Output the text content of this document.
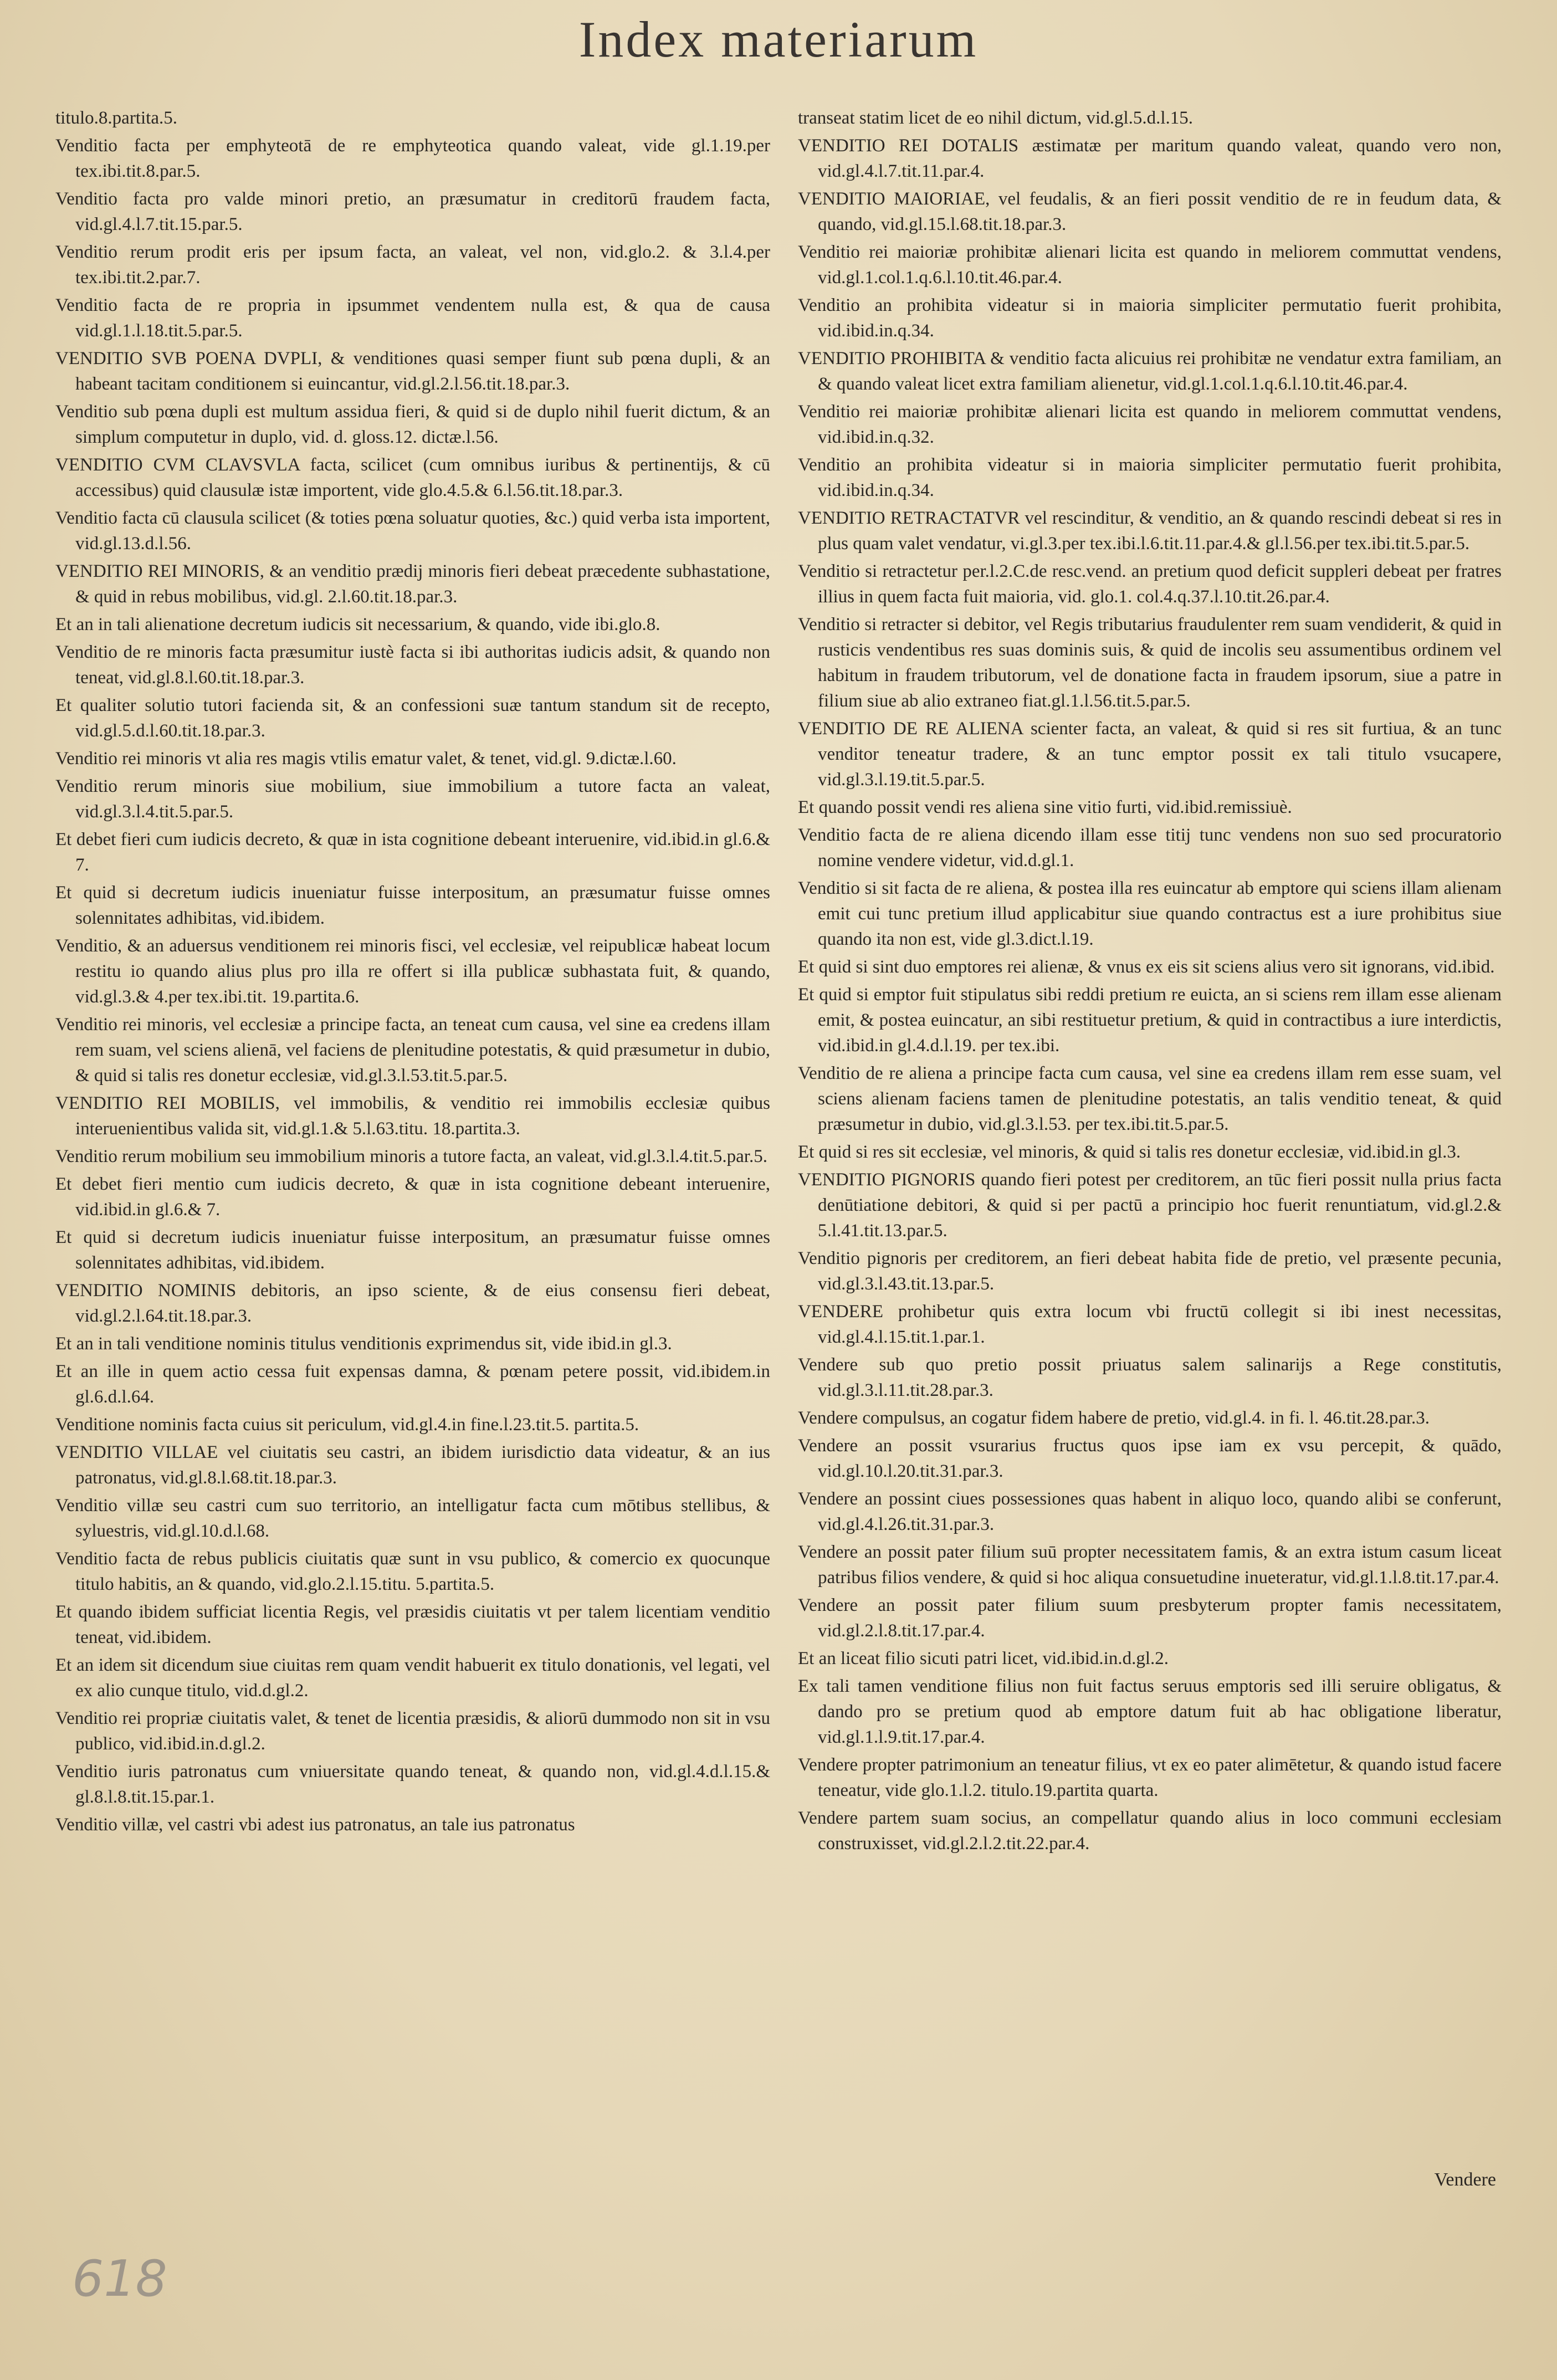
Index materiarum

titulo.8.partita.5.

Venditio facta per emphyteotā de re emphyteotica quando valeat, vide gl.1.19.per tex.ibi.tit.8.par.5.

Venditio facta pro valde minori pretio, an præsumatur in creditorū fraudem facta, vid.gl.4.l.7.tit.15.par.5.

Venditio rerum prodit eris per ipsum facta, an valeat, vel non, vid.glo.2. & 3.l.4.per tex.ibi.tit.2.par.7.

Venditio facta de re propria in ipsummet vendentem nulla est, & qua de causa vid.gl.1.l.18.tit.5.par.5.

VENDITIO SVB POENA DVPLI, & venditiones quasi semper fiunt sub pœna dupli, & an habeant tacitam conditionem si euincantur, vid.gl.2.l.56.tit.18.par.3.

Venditio sub pœna dupli est multum assidua fieri, & quid si de duplo nihil fuerit dictum, & an simplum computetur in duplo, vid. d. gloss.12. dictæ.l.56.

VENDITIO CVM CLAVSVLA facta, scilicet (cum omnibus iuribus & pertinentijs, & cū accessibus) quid clausulæ istæ importent, vide glo.4.5.& 6.l.56.tit.18.par.3.

Venditio facta cū clausula scilicet (& toties pœna soluatur quoties, &c.) quid verba ista importent, vid.gl.13.d.l.56.

VENDITIO REI MINORIS, & an venditio prædij minoris fieri debeat præcedente subhastatione, & quid in rebus mobilibus, vid.gl. 2.l.60.tit.18.par.3.

Et an in tali alienatione decretum iudicis sit necessarium, & quando, vide ibi.glo.8.

Venditio de re minoris facta præsumitur iustè facta si ibi authoritas iudicis adsit, & quando non teneat, vid.gl.8.l.60.tit.18.par.3.

Et qualiter solutio tutori facienda sit, & an confessioni suæ tantum standum sit de recepto, vid.gl.5.d.l.60.tit.18.par.3.

Venditio rei minoris vt alia res magis vtilis ematur valet, & tenet, vid.gl. 9.dictæ.l.60.

Venditio rerum minoris siue mobilium, siue immobilium a tutore facta an valeat, vid.gl.3.l.4.tit.5.par.5.

Et debet fieri cum iudicis decreto, & quæ in ista cognitione debeant interuenire, vid.ibid.in gl.6.& 7.

Et quid si decretum iudicis inueniatur fuisse interpositum, an præsumatur fuisse omnes solennitates adhibitas, vid.ibidem.

Venditio, & an aduersus venditionem rei minoris fisci, vel ecclesiæ, vel reipublicæ habeat locum restitu io quando alius plus pro illa re offert si illa publicæ subhastata fuit, & quando, vid.gl.3.& 4.per tex.ibi.tit. 19.partita.6.

Venditio rei minoris, vel ecclesiæ a principe facta, an teneat cum causa, vel sine ea credens illam rem suam, vel sciens alienā, vel faciens de plenitudine potestatis, & quid præsumetur in dubio, & quid si talis res donetur ecclesiæ, vid.gl.3.l.53.tit.5.par.5.

VENDITIO REI MOBILIS, vel immobilis, & venditio rei immobilis ecclesiæ quibus interuenientibus valida sit, vid.gl.1.& 5.l.63.titu. 18.partita.3.

Venditio rerum mobilium seu immobilium minoris a tutore facta, an valeat, vid.gl.3.l.4.tit.5.par.5.

Et debet fieri mentio cum iudicis decreto, & quæ in ista cognitione debeant interuenire, vid.ibid.in gl.6.& 7.

Et quid si decretum iudicis inueniatur fuisse interpositum, an præsumatur fuisse omnes solennitates adhibitas, vid.ibidem.

VENDITIO NOMINIS debitoris, an ipso sciente, & de eius consensu fieri debeat, vid.gl.2.l.64.tit.18.par.3.

Et an in tali venditione nominis titulus venditionis exprimendus sit, vide ibid.in gl.3.

Et an ille in quem actio cessa fuit expensas damna, & pœnam petere possit, vid.ibidem.in gl.6.d.l.64.

Venditione nominis facta cuius sit periculum, vid.gl.4.in fine.l.23.tit.5. partita.5.

VENDITIO VILLAE vel ciuitatis seu castri, an ibidem iurisdictio data videatur, & an ius patronatus, vid.gl.8.l.68.tit.18.par.3.

Venditio villæ seu castri cum suo territorio, an intelligatur facta cum mōtibus stellibus, & syluestris, vid.gl.10.d.l.68.

Venditio facta de rebus publicis ciuitatis quæ sunt in vsu publico, & comercio ex quocunque titulo habitis, an & quando, vid.glo.2.l.15.titu. 5.partita.5.

Et quando ibidem sufficiat licentia Regis, vel præsidis ciuitatis vt per talem licentiam venditio teneat, vid.ibidem.

Et an idem sit dicendum siue ciuitas rem quam vendit habuerit ex titulo donationis, vel legati, vel ex alio cunque titulo, vid.d.gl.2.

Venditio rei propriæ ciuitatis valet, & tenet de licentia præsidis, & aliorū dummodo non sit in vsu publico, vid.ibid.in.d.gl.2.

Venditio iuris patronatus cum vniuersitate quando teneat, & quando non, vid.gl.4.d.l.15.& gl.8.l.8.tit.15.par.1.

Venditio villæ, vel castri vbi adest ius patronatus, an tale ius patronatus

transeat statim licet de eo nihil dictum, vid.gl.5.d.l.15.

VENDITIO REI DOTALIS æstimatæ per maritum quando valeat, quando vero non, vid.gl.4.l.7.tit.11.par.4.

VENDITIO MAIORIAE, vel feudalis, & an fieri possit venditio de re in feudum data, & quando, vid.gl.15.l.68.tit.18.par.3.

Venditio rei maioriæ prohibitæ alienari licita est quando in meliorem commuttat vendens, vid.gl.1.col.1.q.6.l.10.tit.46.par.4.

Venditio an prohibita videatur si in maioria simpliciter permutatio fuerit prohibita, vid.ibid.in.q.34.

VENDITIO PROHIBITA & venditio facta alicuius rei prohibitæ ne vendatur extra familiam, an & quando valeat licet extra familiam alienetur, vid.gl.1.col.1.q.6.l.10.tit.46.par.4.

Venditio rei maioriæ prohibitæ alienari licita est quando in meliorem commuttat vendens, vid.ibid.in.q.32.

Venditio an prohibita videatur si in maioria simpliciter permutatio fuerit prohibita, vid.ibid.in.q.34.

VENDITIO RETRACTATVR vel rescinditur, & venditio, an & quando rescindi debeat si res in plus quam valet vendatur, vi.gl.3.per tex.ibi.l.6.tit.11.par.4.& gl.l.56.per tex.ibi.tit.5.par.5.

Venditio si retractetur per.l.2.C.de resc.vend. an pretium quod deficit suppleri debeat per fratres illius in quem facta fuit maioria, vid. glo.1. col.4.q.37.l.10.tit.26.par.4.

Venditio si retracter si debitor, vel Regis tributarius fraudulenter rem suam vendiderit, & quid in rusticis vendentibus res suas dominis suis, & quid de incolis seu assumentibus ordinem vel habitum in fraudem tributorum, vel de donatione facta in fraudem ipsorum, siue a patre in filium siue ab alio extraneo fiat.gl.1.l.56.tit.5.par.5.

VENDITIO DE RE ALIENA scienter facta, an valeat, & quid si res sit furtiua, & an tunc venditor teneatur tradere, & an tunc emptor possit ex tali titulo vsucapere, vid.gl.3.l.19.tit.5.par.5.

Et quando possit vendi res aliena sine vitio furti, vid.ibid.remissiuè.

Venditio facta de re aliena dicendo illam esse titij tunc vendens non suo sed procuratorio nomine vendere videtur, vid.d.gl.1.

Venditio si sit facta de re aliena, & postea illa res euincatur ab emptore qui sciens illam alienam emit cui tunc pretium illud applicabitur siue quando contractus est a iure prohibitus siue quando ita non est, vide gl.3.dict.l.19.

Et quid si sint duo emptores rei alienæ, & vnus ex eis sit sciens alius vero sit ignorans, vid.ibid.

Et quid si emptor fuit stipulatus sibi reddi pretium re euicta, an si sciens rem illam esse alienam emit, & postea euincatur, an sibi restituetur pretium, & quid in contractibus a iure interdictis, vid.ibid.in gl.4.d.l.19. per tex.ibi.

Venditio de re aliena a principe facta cum causa, vel sine ea credens illam rem esse suam, vel sciens alienam faciens tamen de plenitudine potestatis, an talis venditio teneat, & quid præsumetur in dubio, vid.gl.3.l.53. per tex.ibi.tit.5.par.5.

Et quid si res sit ecclesiæ, vel minoris, & quid si talis res donetur ecclesiæ, vid.ibid.in gl.3.

VENDITIO PIGNORIS quando fieri potest per creditorem, an tūc fieri possit nulla prius facta denūtiatione debitori, & quid si per pactū a principio hoc fuerit renuntiatum, vid.gl.2.& 5.l.41.tit.13.par.5.

Venditio pignoris per creditorem, an fieri debeat habita fide de pretio, vel præsente pecunia, vid.gl.3.l.43.tit.13.par.5.

VENDERE prohibetur quis extra locum vbi fructū collegit si ibi inest necessitas, vid.gl.4.l.15.tit.1.par.1.

Vendere sub quo pretio possit priuatus salem salinarijs a Rege constitutis, vid.gl.3.l.11.tit.28.par.3.

Vendere compulsus, an cogatur fidem habere de pretio, vid.gl.4. in fi. l. 46.tit.28.par.3.

Vendere an possit vsurarius fructus quos ipse iam ex vsu percepit, & quādo, vid.gl.10.l.20.tit.31.par.3.

Vendere an possint ciues possessiones quas habent in aliquo loco, quando alibi se conferunt, vid.gl.4.l.26.tit.31.par.3.

Vendere an possit pater filium suū propter necessitatem famis, & an extra istum casum liceat patribus filios vendere, & quid si hoc aliqua consuetudine inueteratur, vid.gl.1.l.8.tit.17.par.4.

Vendere an possit pater filium suum presbyterum propter famis necessitatem, vid.gl.2.l.8.tit.17.par.4.

Et an liceat filio sicuti patri licet, vid.ibid.in.d.gl.2.

Ex tali tamen venditione filius non fuit factus seruus emptoris sed illi seruire obligatus, & dando pro se pretium quod ab emptore datum fuit ab hac obligatione liberatur, vid.gl.1.l.9.tit.17.par.4.

Vendere propter patrimonium an teneatur filius, vt ex eo pater alimētetur, & quando istud facere teneatur, vide glo.1.l.2. titulo.19.partita quarta.

Vendere partem suam socius, an compellatur quando alius in loco communi ecclesiam construxisset, vid.gl.2.l.2.tit.22.par.4.

Vendere
618
